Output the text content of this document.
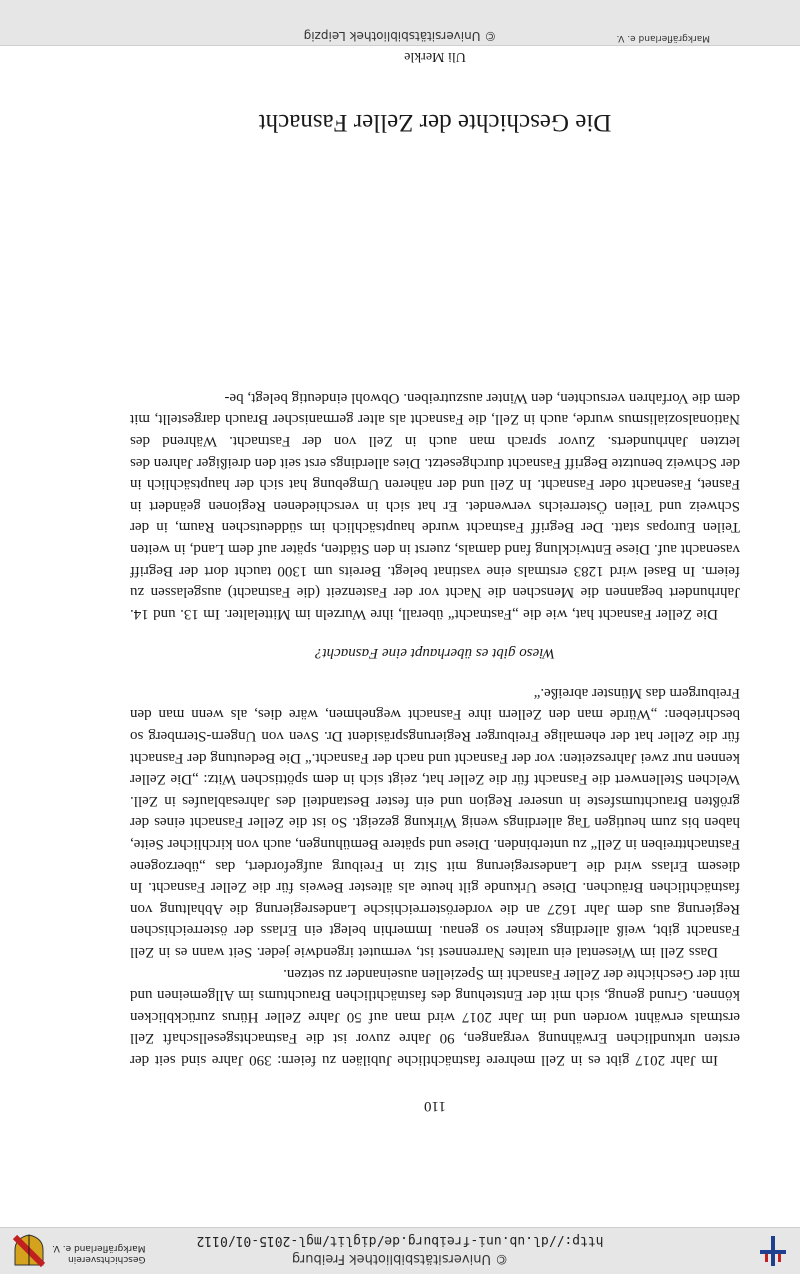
© Universitätsbibliothek Freiburg
http://dl.ub.uni-freiburg.de/diglit/mgl-2015-01/0112
Geschichtsverein
Markgräflerland e. V.
110
Die Geschichte der Zeller Fasnacht
Uli Merkle
Markgräflerland e. V.
© Universitätsbibliothek Leipzig

Im Jahr 2017 gibt es in Zell mehrere fastnächtliche Jubiläen zu feiern: 390 Jahre sind seit der ersten urkundlichen Erwähnung vergangen, 90 Jahre zuvor ist die Fastnachtsgesellschaft Zell erstmals erwähnt worden und im Jahr 2017 wird man auf 50 Jahre Zeller Hürus zurückblicken können. Grund genug, sich mit der Entstehung des fastnächtlichen Brauchtums im Allgemeinen und mit der Geschichte der Zeller Fasnacht im Speziellen auseinander zu setzen.

Dass Zell im Wiesental ein uraltes Narrennest ist, vermutet irgendwie jeder. Seit wann es in Zell Fasnacht gibt, weiß allerdings keiner so genau. Immerhin belegt ein Erlass der österreichischen Regierung aus dem Jahr 1627 an die vorderösterreichische Landesregierung die Abhaltung von fastnächtlichen Bräuchen. Diese Urkunde gilt heute als ältester Beweis für die Zeller Fasnacht. In diesem Erlass wird die Landesregierung mit Sitz in Freiburg aufgefordert, das „überzogene Fastnachttreiben in Zell“ zu unterbinden. Diese und spätere Bemühungen, auch von kirchlicher Seite, haben bis zum heutigen Tag allerdings wenig Wirkung gezeigt. So ist die Zeller Fasnacht eines der größten Brauchtumsfeste in unserer Region und ein fester Bestandteil des Jahresablaufes in Zell. Welchen Stellenwert die Fasnacht für die Zeller hat, zeigt sich in dem spöttischen Witz: „Die Zeller kennen nur zwei Jahreszeiten: vor der Fasnacht und nach der Fasnacht.“ Die Bedeutung der Fasnacht für die Zeller hat der ehemalige Freiburger Regierungspräsident Dr. Sven von Ungern-Sternberg so beschrieben: „Würde man den Zellern ihre Fasnacht wegnehmen, wäre dies, als wenn man den Freiburgern das Münster abreiße.“

Wieso gibt es überhaupt eine Fasnacht?

Die Zeller Fasnacht hat, wie die „Fastnacht“ überall, ihre Wurzeln im Mittelalter. Im 13. und 14. Jahrhundert begannen die Menschen die Nacht vor der Fastenzeit (die Fastnacht) ausgelassen zu feiern. In Basel wird 1283 erstmals eine vastinat belegt. Bereits um 1300 taucht dort der Begriff vasenacht auf. Diese Entwicklung fand damals, zuerst in den Städten, später auf dem Land, in weiten Teilen Europas statt. Der Begriff Fastnacht wurde hauptsächlich im süddeutschen Raum, in der Schweiz und Teilen Österreichs verwendet. Er hat sich in verschiedenen Regionen geändert in Fasnet, Fasenacht oder Fasnacht. In Zell und der näheren Umgebung hat sich der hauptsächlich in der Schweiz benutzte Begriff Fasnacht durchgesetzt. Dies allerdings erst seit den dreißiger Jahren des letzten Jahrhunderts. Zuvor sprach man auch in Zell von der Fastnacht. Während des Nationalsozialismus wurde, auch in Zell, die Fasnacht als alter germanischer Brauch dargestellt, mit dem die Vorfahren versuchten, den Winter auszutreiben. Obwohl eindeutig belegt, be-
